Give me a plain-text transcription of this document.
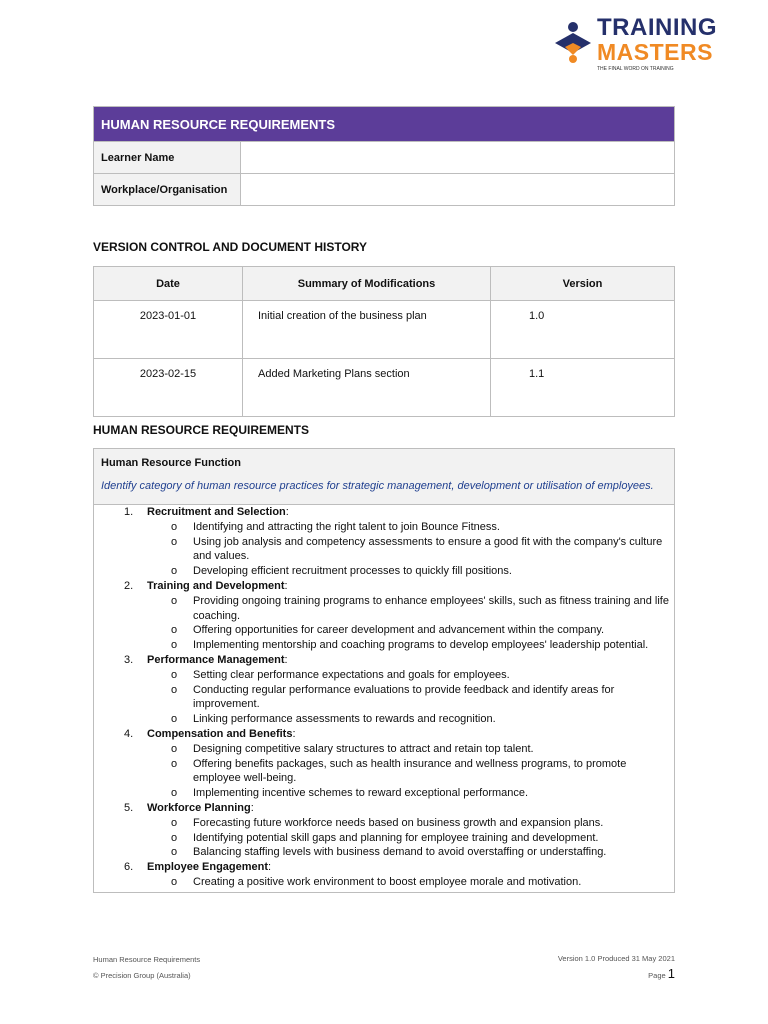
TRAINING
MASTERS
THE FINAL WORD ON TRAINING
HUMAN RESOURCE REQUIREMENTS	
Learner Name	
Workplace/Organisation	
VERSION CONTROL AND DOCUMENT HISTORY
Date	Summary of Modifications	Version
2023-01-01	Initial creation of the business plan	1.0
2023-02-15	Added Marketing Plans section	1.1
HUMAN RESOURCE REQUIREMENTS
Human Resource Function
Identify category of human resource practices for strategic management, development or utilisation of employees.

1. Recruitment and Selection:
o Identifying and attracting the right talent to join Bounce Fitness.
o Using job analysis and competency assessments to ensure a good fit with the company's culture and values.
o Developing efficient recruitment processes to quickly fill positions.
2. Training and Development:
o Providing ongoing training programs to enhance employees' skills, such as fitness training and life coaching.
o Offering opportunities for career development and advancement within the company.
o Implementing mentorship and coaching programs to develop employees' leadership potential.
3. Performance Management:
o Setting clear performance expectations and goals for employees.
o Conducting regular performance evaluations to provide feedback and identify areas for improvement.
o Linking performance assessments to rewards and recognition.
4. Compensation and Benefits:
o Designing competitive salary structures to attract and retain top talent.
o Offering benefits packages, such as health insurance and wellness programs, to promote employee well-being.
o Implementing incentive schemes to reward exceptional performance.
5. Workforce Planning:
o Forecasting future workforce needs based on business growth and expansion plans.
o Identifying potential skill gaps and planning for employee training and development.
o Balancing staffing levels with business demand to avoid overstaffing or understaffing.
6. Employee Engagement:
o Creating a positive work environment to boost employee morale and motivation.
Human Resource Requirements
© Precision Group (Australia)
Version 1.0 Produced 31 May 2021
Page 1
